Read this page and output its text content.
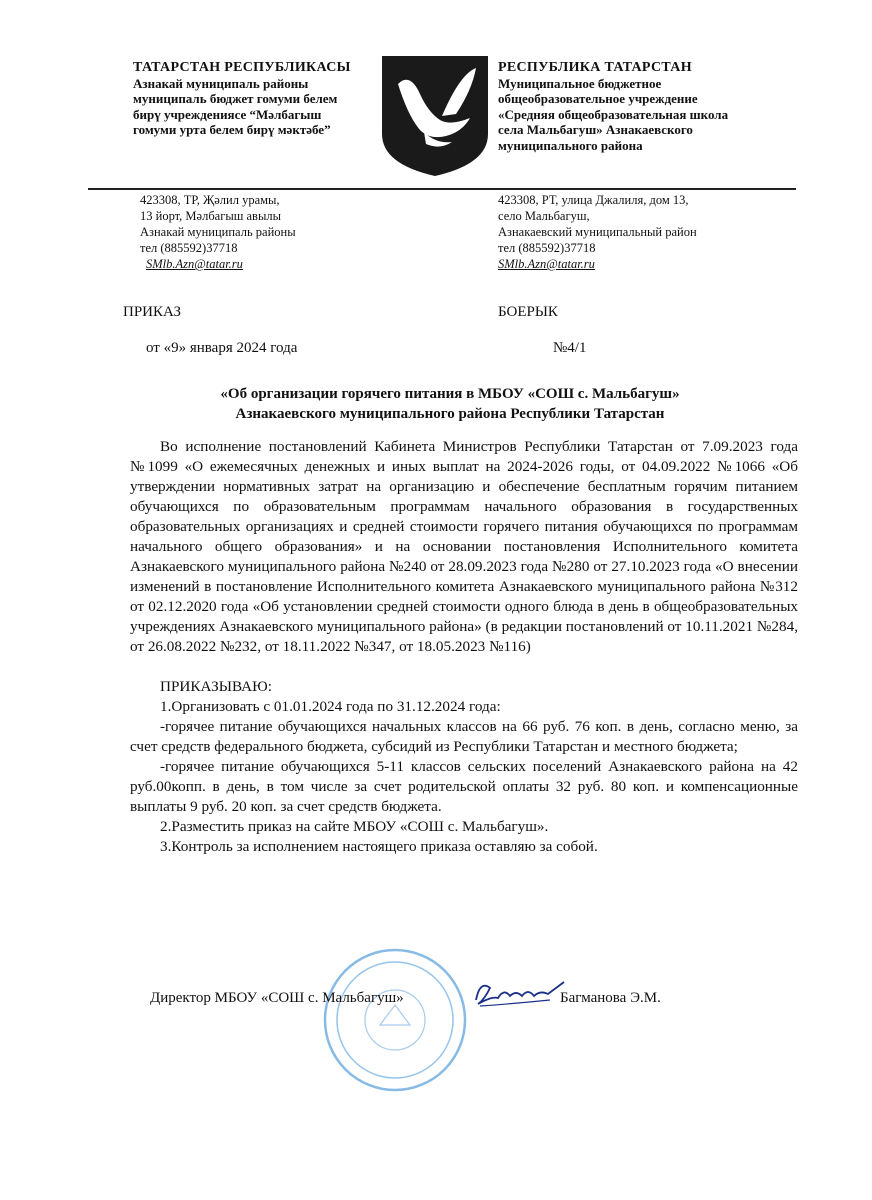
ТАТАРСТАН РЕСПУБЛИКАСЫ
Азнакай муниципаль районы
муниципаль бюджет гомуми белем
бирү учреждениясе “Мәлбагыш
гомуми урта белем бирү мәктәбе”
РЕСПУБЛИКА ТАТАРСТАН
Муниципальное бюджетное
общеобразовательное учреждение
«Средняя общеобразовательная школа
села Мальбагуш» Азнакаевского
муниципального района
423308, ТР, Җәлил урамы,
13 йорт, Мәлбагыш авылы
Азнакай муниципаль районы
тел (885592)37718
SMlb.Azn@tatar.ru
423308, РТ, улица Джалиля, дом 13,
село Мальбагуш,
Азнакаевский муниципальный район
тел (885592)37718
SMlb.Azn@tatar.ru
ПРИКАЗ	БОЕРЫК
от «9» января 2024 года	№4/1
«Об организации горячего питания в МБОУ «СОШ с. Мальбагуш»
Азнакаевского муниципального района Республики Татарстан

Во исполнение постановлений Кабинета Министров Республики Татарстан от 7.09.2023 года №1099 «О ежемесячных денежных и иных выплат на 2024-2026 годы, от 04.09.2022 №1066 «Об утверждении нормативных затрат на организацию и обеспечение бесплатным горячим питанием обучающихся по образовательным программам начального образования в государственных образовательных организациях и средней стоимости горячего питания обучающихся по программам начального общего образования» и на основании постановления Исполнительного комитета Азнакаевского муниципального района №240 от 28.09.2023 года №280 от 27.10.2023 года «О внесении изменений в постановление Исполнительного комитета Азнакаевского муниципального района №312 от 02.12.2020 года «Об установлении средней стоимости одного блюда в день в общеобразовательных учреждениях Азнакаевского муниципального района» (в редакции постановлений от 10.11.2021 №284, от 26.08.2022 №232, от 18.11.2022 №347, от 18.05.2023 №116)

ПРИКАЗЫВАЮ:

1.Организовать с 01.01.2024 года по 31.12.2024 года:

-горячее питание обучающихся начальных классов на 66 руб. 76 коп. в день, согласно меню, за счет средств федерального бюджета, субсидий из Республики Татарстан и местного бюджета;

-горячее питание обучающихся 5-11 классов сельских поселений Азнакаевского района на 42 руб.00копп. в день, в том числе за счет родительской оплаты 32 руб. 80 коп. и компенсационные выплаты 9 руб. 20 коп. за счет средств бюджета.

2.Разместить приказ на сайте МБОУ «СОШ с. Мальбагуш».

3.Контроль за исполнением настоящего приказа оставляю за собой.

Директор МБОУ «СОШ с. Мальбагуш»	Багманова Э.М.
